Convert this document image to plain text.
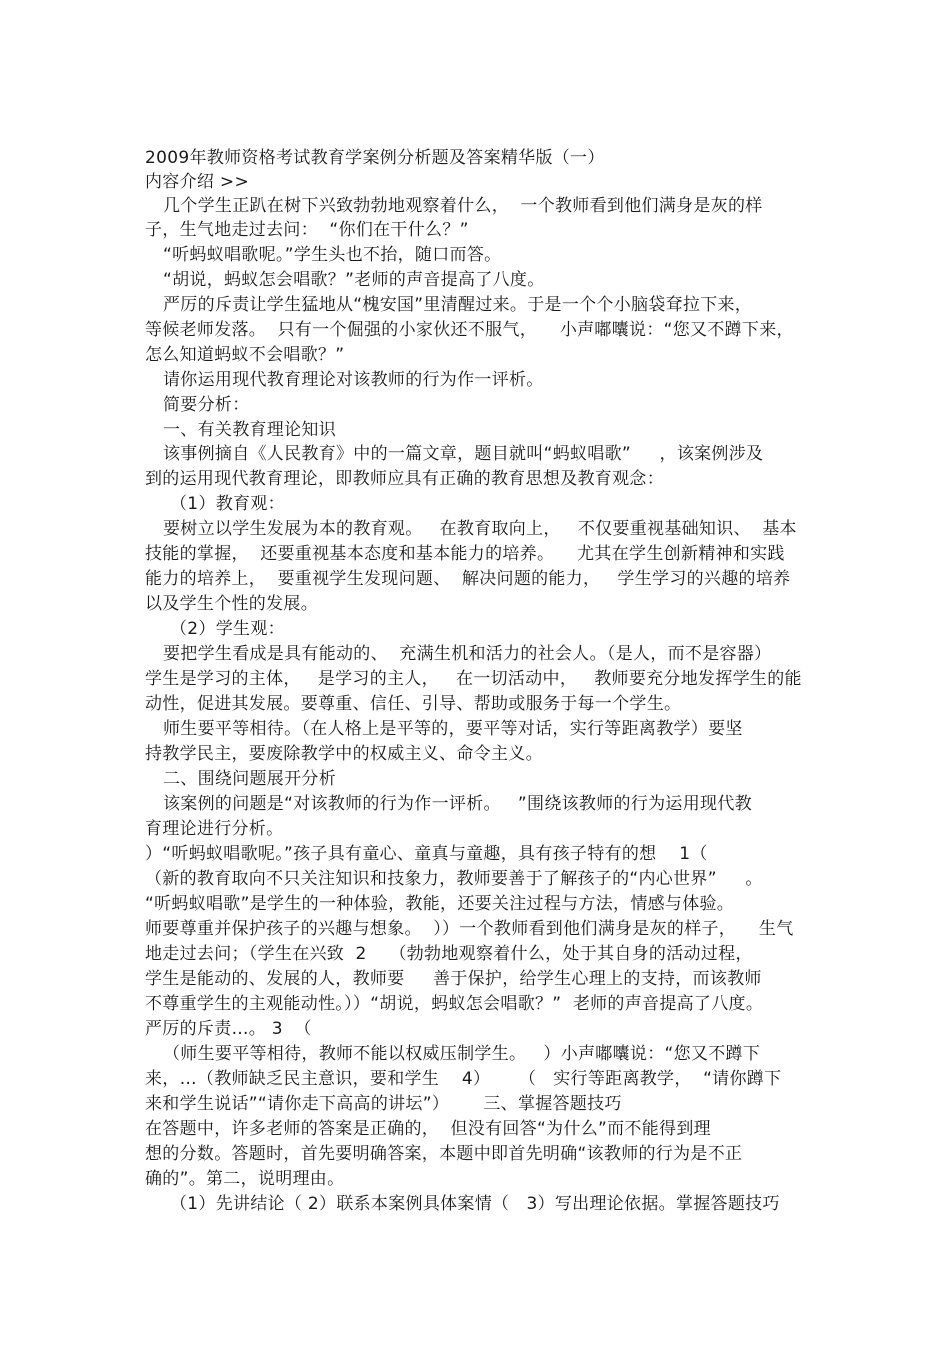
2009年教师资格考试教育学案例分析题及答案精华版（一）
内容介绍 >>
几个学生正趴在树下兴致勃勃地观察着什么，  一个教师看到他们满身是灰的样
子，生气地走过去问：  “你们在干什么？”
“听蚂蚁唱歌呢。”学生头也不抬，随口而答。
“胡说，蚂蚁怎会唱歌？”老师的声音提高了八度。
严厉的斥责让学生猛地从“槐安国”里清醒过来。于是一个个小脑袋耷拉下来，
等候老师发落。  只有一个倔强的小家伙还不服气，    小声嘟囔说：“您又不蹲下来，
怎么知道蚂蚁不会唱歌？”
请你运用现代教育理论对该教师的行为作一评析。
简要分析：
一、有关教育理论知识
该事例摘自《人民教育》中的一篇文章，题目就叫“蚂蚁唱歌”     ，该案例涉及
到的运用现代教育理论，即教师应具有正确的教育思想及教育观念：
（1）教育观：
要树立以学生发展为本的教育观。   在教育取向上，   不仅要重视基础知识、  基本
技能的掌握，  还要重视基本态度和基本能力的培养。    尤其在学生创新精神和实践
能力的培养上，  要重视学生发现问题、  解决问题的能力，   学生学习的兴趣的培养
以及学生个性的发展。
（2）学生观：
要把学生看成是具有能动的、  充满生机和活力的社会人。（是人，而不是容器）
学生是学习的主体，   是学习的主人，   在一切活动中，   教师要充分地发挥学生的能
动性，促进其发展。要尊重、信任、引导、帮助或服务于每一个学生。
师生要平等相待。（在人格上是平等的，要平等对话，实行等距离教学）要坚
持教学民主，要废除教学中的权威主义、命令主义。
二、围绕问题展开分析
该案例的问题是“对该教师的行为作一评析。   ”围绕该教师的行为运用现代教
育理论进行分析。
）“听蚂蚁唱歌呢。”孩子具有童心、童真与童趣，具有孩子特有的想    1（
（新的教育取向不只关注知识和技象力，教师要善于了解孩子的“内心世界”     。
“听蚂蚁唱歌”是学生的一种体验，教能，还要关注过程与方法，情感与体验。
师要尊重并保护孩子的兴趣与想象。  ））一个教师看到他们满身是灰的样子，    生气
地走过去问；（学生在兴致  2    （勃勃地观察着什么，处于其自身的活动过程，
学生是能动的、发展的人，教师要     善于保护，给学生心理上的支持，而该教师
不尊重学生的主观能动性。））“胡说，蚂蚁怎会唱歌？”  老师的声音提高了八度。
严厉的斥责…。 3  （
（师生要平等相待，教师不能以权威压制学生。   ）小声嘟囔说：“您又不蹲下
来，…（教师缺乏民主意识，要和学生    4）     （   实行等距离教学，  “请你蹲下
来和学生说话”“请你走下高高的讲坛”）      三、掌握答题技巧
在答题中，许多老师的答案是正确的，  但没有回答“为什么”而不能得到理
想的分数。答题时，首先要明确答案，本题中即首先明确“该教师的行为是不正
确的”。第二，说明理由。
（1）先讲结论（ 2）联系本案例具体案情（   3）写出理论依据。掌握答题技巧
